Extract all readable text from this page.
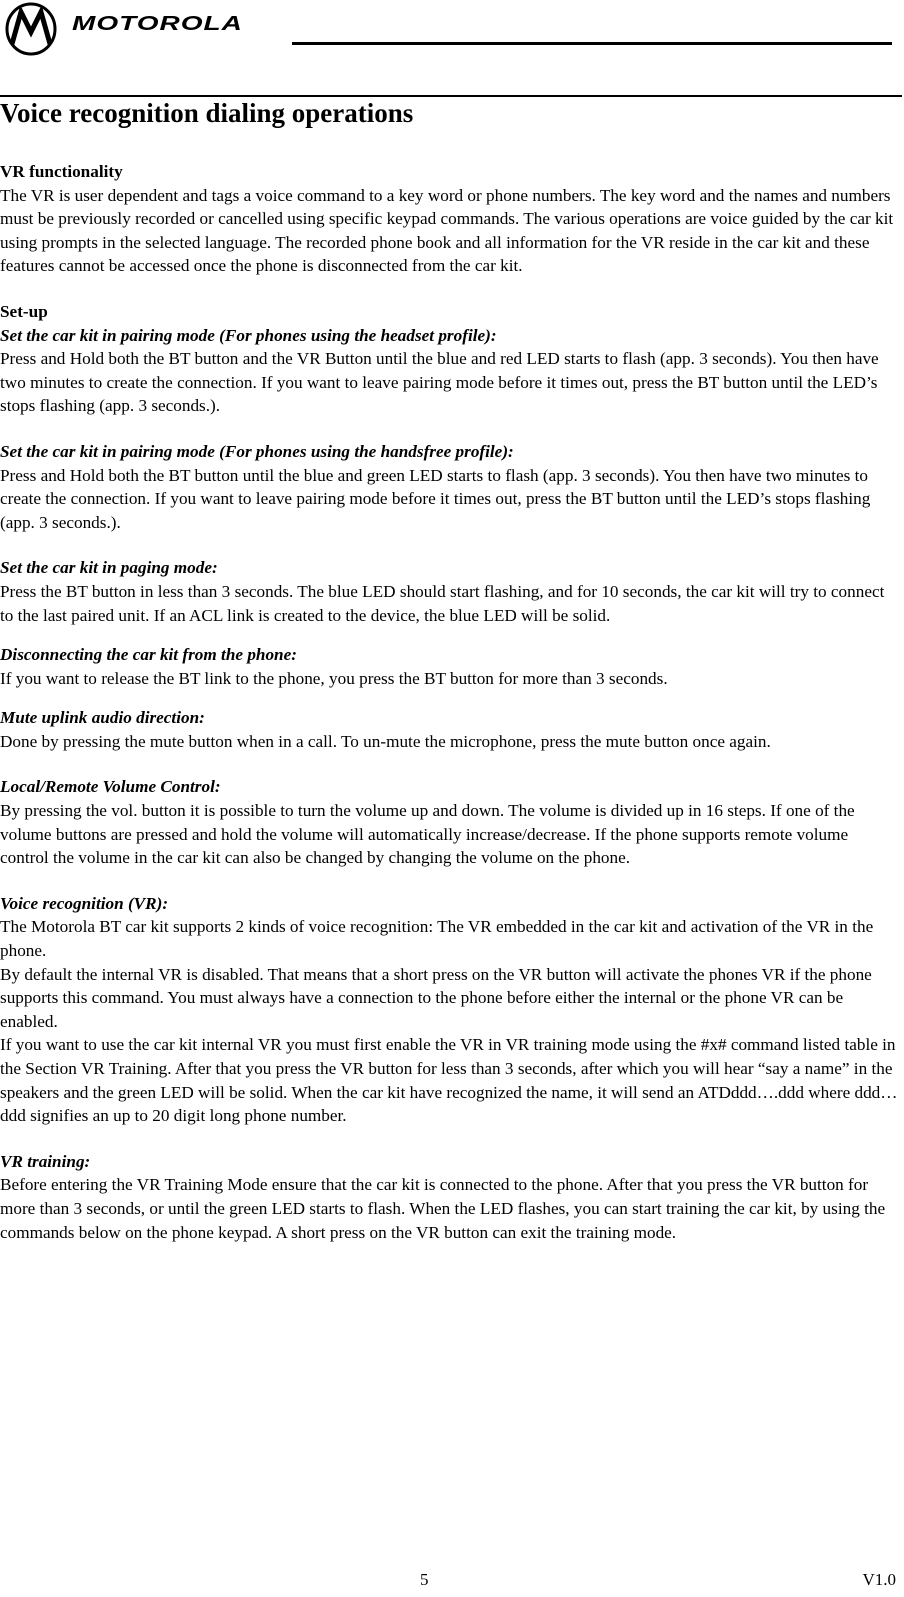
MOTOROLA
Voice recognition dialing operations

VR functionality

The VR is user dependent and tags a voice command to a key word or phone numbers. The key word and the names and numbers must be previously recorded or cancelled using specific keypad commands. The various operations are voice guided by the car kit using prompts in the selected language. The recorded phone book and all information for the VR reside in the car kit and these features cannot be accessed once the phone is disconnected from the car kit.

Set-up

Set the car kit in pairing mode (For phones using the headset profile):

Press and Hold both the BT button and the VR Button until the blue and red LED starts to flash (app. 3 seconds). You then have two minutes to create the connection. If you want to leave pairing mode before it times out, press the BT button until the LED’s stops flashing (app. 3 seconds.).

Set the car kit in pairing mode (For phones using the handsfree profile):

Press and Hold both the BT button until the blue and green LED starts to flash (app. 3 seconds). You then have two minutes to create the connection. If you want to leave pairing mode before it times out, press the BT button until the LED’s stops flashing (app. 3 seconds.).

Set the car kit in paging mode:

Press the BT button in less than 3 seconds. The blue LED should start flashing, and for 10 seconds, the car kit will try to connect to the last paired unit. If an ACL link is created to the device, the blue LED will be solid.

Disconnecting the car kit from the phone:

If you want to release the BT link to the phone, you press the BT button for more than 3 seconds.

Mute uplink audio direction:

Done by pressing the mute button when in a call. To un-mute the microphone, press the mute button once again.

Local/Remote Volume Control:

By pressing the vol. button it is possible to turn the volume up and down. The volume is divided up in 16 steps. If one of the volume buttons are pressed and hold the volume will automatically increase/decrease. If the phone supports remote volume control the volume in the car kit can also be changed by changing the volume on the phone.

Voice recognition (VR):

The Motorola BT car kit supports 2 kinds of voice recognition: The VR embedded in the car kit and activation of the VR in the phone.

By default the internal VR is disabled. That means that a short press on the VR button will activate the phones VR if the phone supports this command. You must always have a connection to the phone before either the internal or the phone VR can be enabled.

If you want to use the car kit internal VR you must first enable the VR in VR training mode using the #x# command listed table in the Section VR Training. After that you press the VR button for less than 3 seconds, after which you will hear “say a name” in the speakers and the green LED will be solid. When the car kit have recognized the name, it will send an ATDddd….ddd where ddd…ddd signifies an up to 20 digit long phone number.

VR training:

Before entering the VR Training Mode ensure that the car kit is connected to the phone. After that you press the VR button for more than 3 seconds, or until the green LED starts to flash. When the LED flashes, you can start training the car kit, by using the commands below on the phone keypad. A short press on the VR button can exit the training mode.

5	V1.0
